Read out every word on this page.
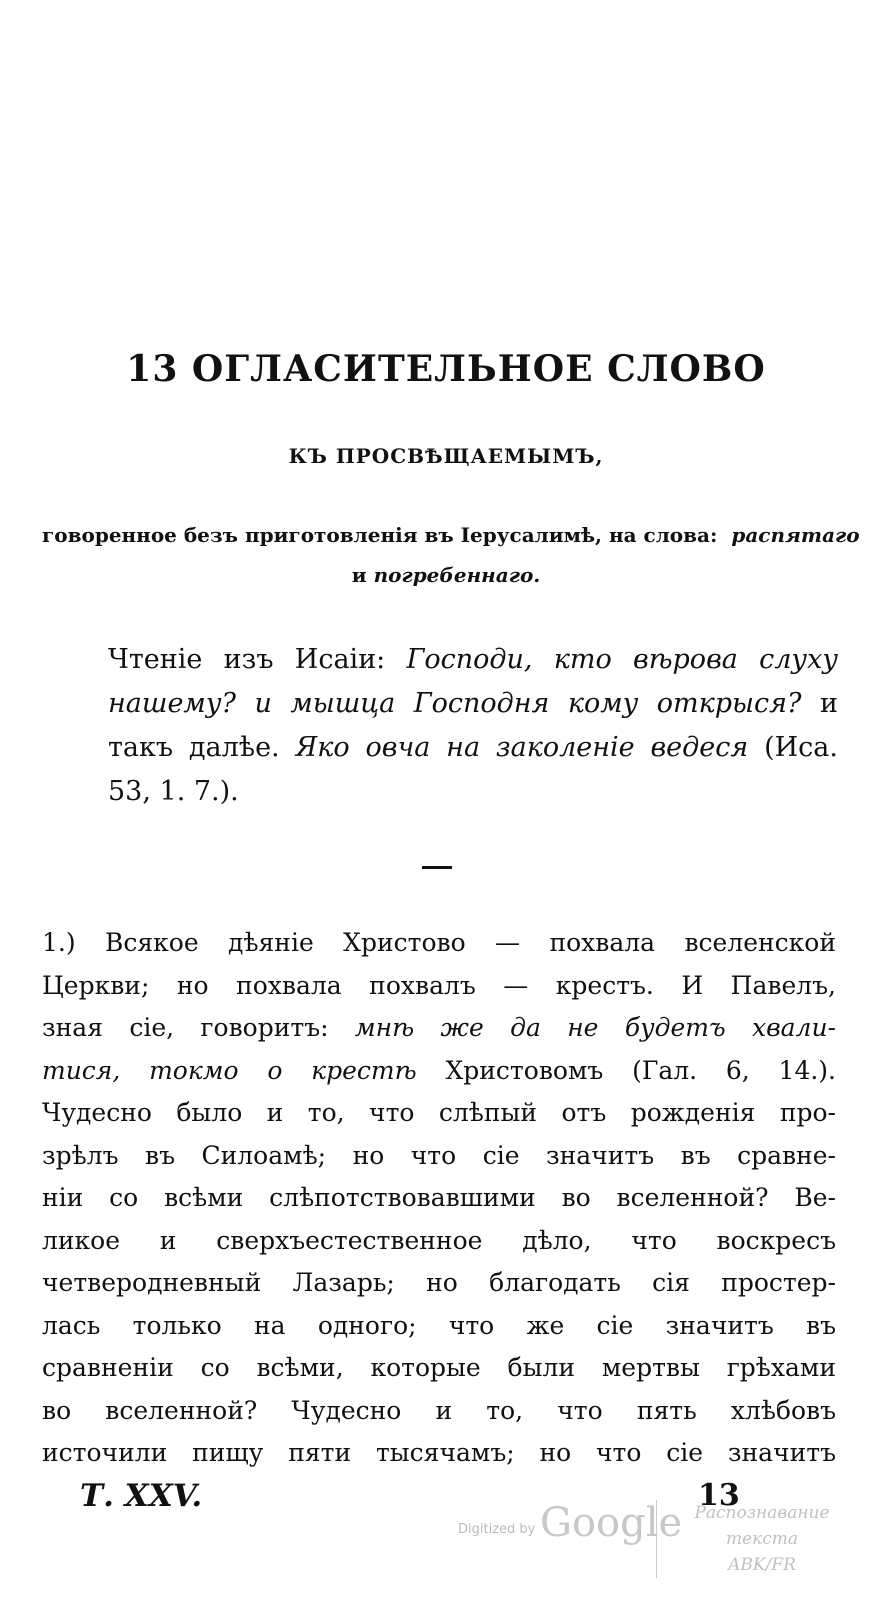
13 ОГЛАСИТЕЛЬНОЕ СЛОВО
КЪ ПРОСВѢЩАЕМЫМЪ,
говоренное безъ приготовленія въ Іерусалимѣ, на слова: распятаго
и погребеннаго.
Чтеніе изъ Исаіи: Господи, кто вѣрова слуху нашему? и мышца Господня кому открыся? и такъ далѣе. Яко овча на заколеніе ведеся (Иса. 53, 1. 7.).
1.) Всякое дѣяніе Христово — похвала вселенской
Церкви; но похвала похвалъ — крестъ. И Павелъ,
зная сіе, говоритъ: мнѣ же да не будетъ хвали-
тися, токмо о крестѣ Христовомъ (Гал. 6, 14.).
Чудесно было и то, что слѣпый отъ рожденія про-
зрѣлъ въ Силоамѣ; но что сіе значитъ въ сравне-
ніи со всѣми слѣпотствовавшими во вселенной? Ве-
ликое и сверхъестественное дѣло, что воскресъ
четверодневный Лазарь; но благодать сія простер-
лась только на одного; что же сіе значитъ въ
сравненіи со всѣми, которые были мертвы грѣхами
во вселенной? Чудесно и то, что пять хлѣбовъ
источили пищу пяти тысячамъ; но что сіе значитъ
Т. XXV.	13
Digitized by Google Распознавание текста
ABK/FR
